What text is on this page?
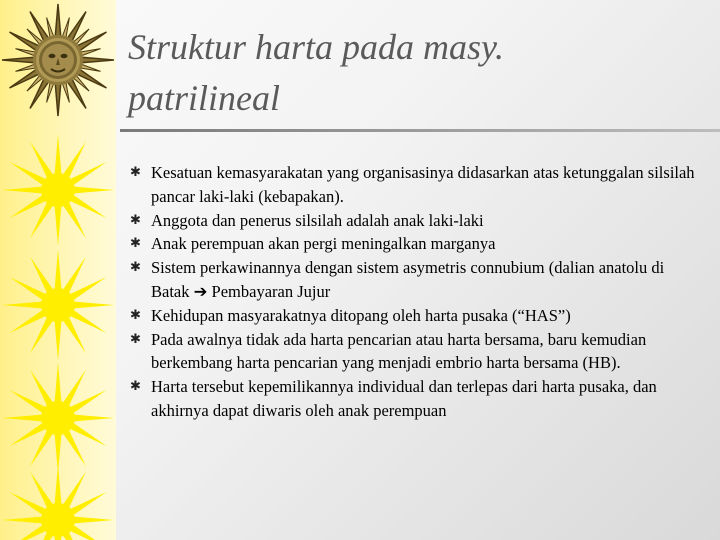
Struktur harta pada masy.
patrilineal
✱ Kesatuan kemasyarakatan yang organisasinya didasarkan atas ketunggalan silsilah pancar laki-laki (kebapakan).
✱ Anggota dan penerus silsilah adalah anak laki-laki
✱ Anak perempuan akan pergi meningalkan marganya
✱ Sistem perkawinannya dengan sistem asymetris connubium (dalian anatolu di Batak ➔ Pembayaran Jujur
✱ Kehidupan masyarakatnya ditopang oleh harta pusaka (“HAS”)
✱ Pada awalnya tidak ada harta pencarian atau harta bersama, baru kemudian berkembang harta pencarian yang menjadi embrio harta bersama (HB).
✱ Harta tersebut kepemilikannya individual dan terlepas dari harta pusaka, dan akhirnya dapat diwaris oleh anak perempuan
